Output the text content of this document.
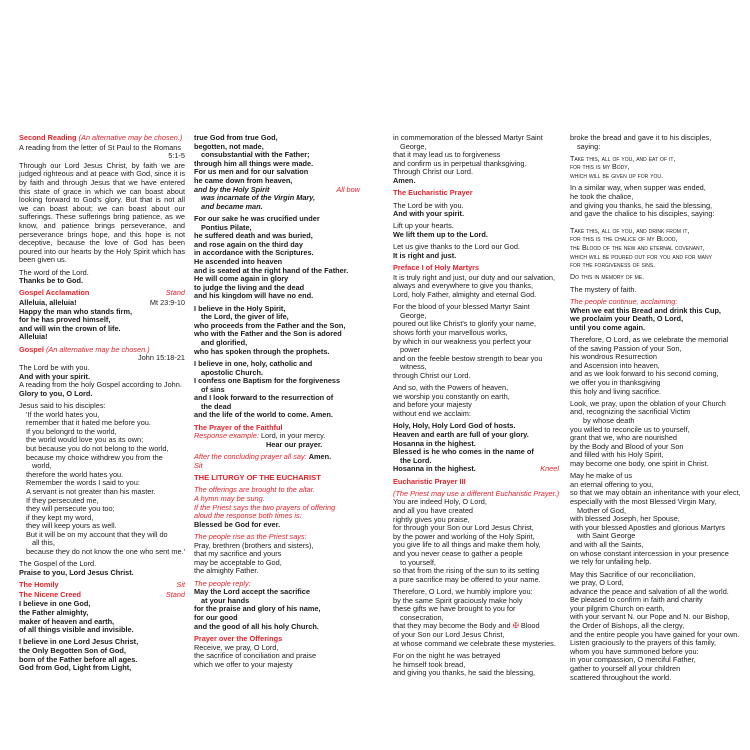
Second Reading (An alternative may be chosen.)
A reading from the letter of St Paul to the Romans
5:1-5
Through our Lord Jesus Christ, by faith we are judged righteous and at peace with God, since it is by faith and through Jesus that we have entered this state of grace in which we can boast about looking forward to God's glory. But that is not all we can boast about; we can boast about our sufferings. These sufferings bring patience, as we know, and patience brings perseverance, and perseverance brings hope, and this hope is not deceptive, because the love of God has been poured into our hearts by the Holy Spirit which has been given us.
The word of the Lord.
Thanks be to God.
Gospel Acclamation	Stand
Alleluia, alleluia!	Mt 23:9-10
Happy the man who stands firm,
for he has proved himself,
and will win the crown of life.
Alleluia!
Gospel (An alternative may be chosen.)
John 15:18-21
The Lord be with you.
And with your spirit.
A reading from the holy Gospel according to John.
Glory to you, O Lord.
Jesus said to his disciples:
'If the world hates you,
remember that it hated me before you.
If you belongrd to the world,
the world would love you as its own;
but because you do not belong to the world,
because my choice withdrew you from the
world,
therefore the world hates you.
Remember the words I said to you:
A servant is not greater than his master.
If they persecuted me,
they will persecute you too;
if they kept my word,
they will keep yours as well.
But it will be on my account that they will do
all this,
because they do not know the one who sent me.'
The Gospel of the Lord.
Praise to you, Lord Jesus Christ.
The Homily	Sit
The Nicene Creed	Stand
I believe in one God,
the Father almighty,
maker of heaven and earth,
of all things visible and invisible.
I believe in one Lord Jesus Christ,
the Only Begotten Son of God,
born of the Father before all ages.
God from God, Light from Light,
true God from true God,
begotten, not made,
consubstantial with the Father;
through him all things were made.
For us men and for our salvation
he came down from heaven,
and by the Holy Spirit	All bow
was incarnate of the Virgin Mary,
and became man.
For our sake he was crucified under
Pontius Pilate,
he suffered death and was buried,
and rose again on the third day
in accordance with the Scriptures.
He ascended into heaven
and is seated at the right hand of the Father.
He will come again in glory
to judge the living and the dead
and his kingdom will have no end.
I believe in the Holy Spirit,
the Lord, the giver of life,
who proceeds from the Father and the Son,
who with the Father and the Son is adored
and glorified,
who has spoken through the prophets.
I believe in one, holy, catholic and
apostolic Church.
I confess one Baptism for the forgiveness
of sins
and I look forward to the resurrection of
the dead
and the life of the world to come. Amen.
The Prayer of the Faithful
Response example: Lord, in your mercy.
Hear our prayer.
After the concluding prayer all say: Amen.
Sit
THE LITURGY OF THE EUCHARIST
The offerings are brought to the altar.
A hymn may be sung.
If the Priest says the two prayers of offering
aloud the response both times is:
Blessed be God for ever.
The people rise as the Priest says:
Pray, brethren (brothers and sisters),
that my sacrifice and yours
may be acceptable to God,
the almighty Father.
The people reply:
May the Lord accept the sacrifice
at your hands
for the praise and glory of his name,
for our good
and the good of all his holy Church.
Prayer over the Offerings
Receive, we pray, O Lord,
the sacrifice of conciliation and praise
which we offer to your majesty
in commemoration of the blessed Martyr Saint
George,
that it may lead us to forgiveness
and confirm us in perpetual thanksgiving.
Through Christ our Lord.
Amen.
The Eucharistic Prayer
The Lord be with you.
And with your spirit.
Lift up your hearts.
We lift them up to the Lord.
Let us give thanks to the Lord our God.
It is right and just.
Preface I of Holy Martyrs
It is truly right and just, our duty and our salvation,
always and everywhere to give you thanks,
Lord, holy Father, almighty and eternal God.
For the blood of your blessed Martyr Saint
George,
poured out like Christ's to glorify your name,
shows forth your marvellous works,
by which in our weakness you perfect your
power
and on the feeble bestow strength to bear you
witness,
through Christ our Lord.
And so, with the Powers of heaven,
we worship you constantly on earth,
and before your majesty
without end we acclaim:
Holy, Holy, Holy Lord God of hosts.
Heaven and earth are full of your glory.
Hosanna in the highest.
Blessed is he who comes in the name of
the Lord.
Hosanna in the highest.	Kneel
Eucharistic Prayer III
(The Priest may use a different Eucharistic Prayer.)
You are indeed Holy, O Lord,
and all you have created
rightly gives you praise,
for through your Son our Lord Jesus Christ,
by the power and working of the Holy Spirit,
you give life to all things and make them holy,
and you never cease to gather a people
to yourself,
so that from the rising of the sun to its setting
a pure sacrifice may be offered to your name.
Therefore, O Lord, we humbly implore you:
by the same Spirit graciously make holy
these gifts we have brought to you for
consecration,
that they may become the Body and ✠ Blood
of your Son our Lord Jesus Christ,
at whose command we celebrate these mysteries.
For on the night he was betrayed
he himself took bread,
and giving you thanks, he said the blessing,
broke the bread and gave it to his disciples,
saying:
Take this, all of you, and eat of it,
for this is my Body,
which will be given up for you.
In a similar way, when supper was ended,
he took the chalice,
and giving you thanks, he said the blessing,
and gave the chalice to his disciples, saying:
Take this, all of you, and drink from it,
for this is the chalice of my Blood,
the Blood of the new and eternal covenant,
which will be poured out for you and for many
for the forgiveness of sins.
Do this in memory of me.
The mystery of faith.
The people continue, acclaiming:
When we eat this Bread and drink this Cup,
we proclaim your Death, O Lord,
until you come again.
Therefore, O Lord, as we celebrate the memorial
of the saving Passion of your Son,
his wondrous Resurrection
and Ascension into heaven,
and as we look forward to his second coming,
we offer you in thanksgiving
this holy and living sacrifice.
Look, we pray, upon the oblation of your Church
and, recognizing the sacrificial Victim
by whose death
you willed to reconcile us to yourself,
grant that we, who are nourished
by the Body and Blood of your Son
and filled with his Holy Spirit,
may become one body, one spirit in Christ.
May he make of us
an eternal offering to you,
so that we may obtain an inheritance with your elect,
especially with the most Blessed Virgin Mary,
Mother of God,
with blessed Joseph, her Spouse,
with your blessed Apostles and glorious Martyrs
with Saint George
and with all the Saints,
on whose constant intercession in your presence
we rely for unfailing help.
May this Sacrifice of our reconciliation,
we pray, O Lord,
advance the peace and salvation of all the world.
Be pleased to confirm in faith and charity
your pilgrim Church on earth,
with your servant N. our Pope and N. our Bishop,
the Order of Bishops, all the clergy,
and the entire people you have gained for your own.
Listen graciously to the prayers of this family,
whom you have summoned before you:
in your compassion, O merciful Father,
gather to yourself all your children
scattered throughout the world.
